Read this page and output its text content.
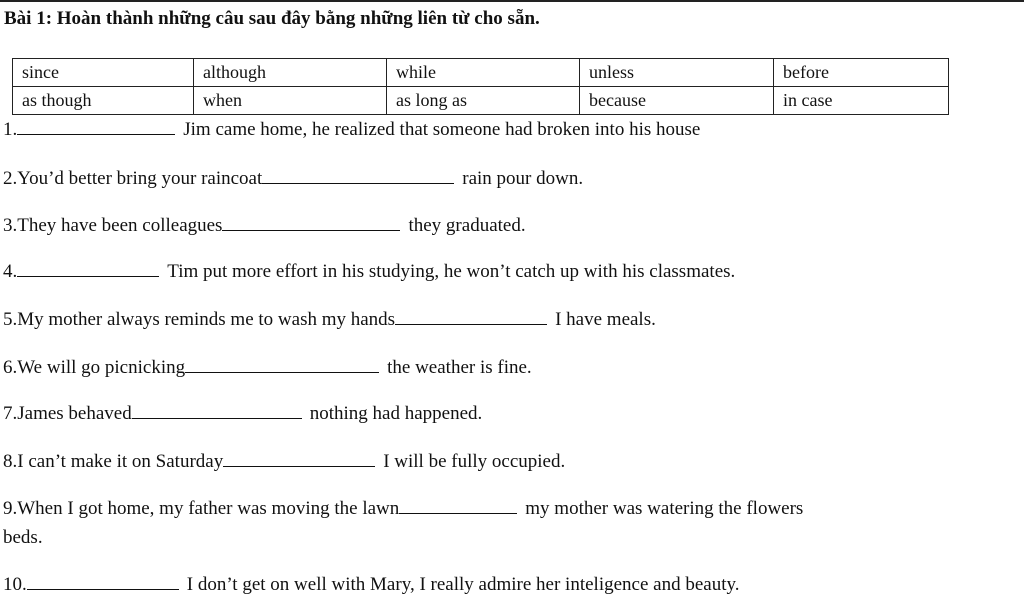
Bài 1: Hoàn thành những câu sau đây bằng những liên từ cho sẵn.
since	although	while	unless	before
as though	when	as long as	because	in case
1.	Jim came home, he realized that someone had broken into his house
2.You’d better bring your raincoat	rain pour down.
3.They have been colleagues	they graduated.
4.	Tim put more effort in his studying, he won’t catch up with his classmates.
5.My mother always reminds me to wash my hands	I have meals.
6.We will go picnicking	the weather is fine.
7.James behaved	nothing had happened.
8.I can’t make it on Saturday	I will be fully occupied.
9.When I got home, my father was moving the lawn	my mother was watering the flowers
beds.
10.	I don’t get on well with Mary, I really admire her inteligence and beauty.
